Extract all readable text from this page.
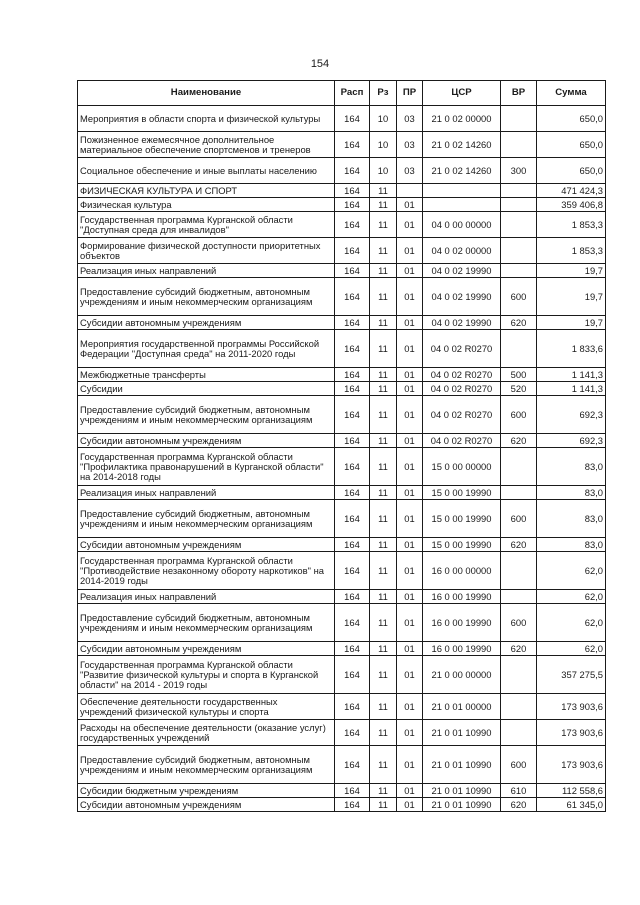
154
Наименование	Расп	Рз	ПР	ЦСР	ВР	Сумма
Мероприятия в области спорта и физической культуры	164	10	03	21 0 02 00000		650,0
Пожизненное ежемесячное дополнительное материальное обеспечение спортсменов и тренеров	164	10	03	21 0 02 14260		650,0
Социальное обеспечение и иные выплаты населению	164	10	03	21 0 02 14260	300	650,0
ФИЗИЧЕСКАЯ КУЛЬТУРА И СПОРТ	164	11				471 424,3
Физическая культура	164	11	01			359 406,8
Государственная программа Курганской области "Доступная среда для инвалидов"	164	11	01	04 0 00 00000		1 853,3
Формирование физической доступности приоритетных объектов	164	11	01	04 0 02 00000		1 853,3
Реализация иных направлений	164	11	01	04 0 02 19990		19,7
Предоставление субсидий бюджетным, автономным учреждениям и иным некоммерческим организациям	164	11	01	04 0 02 19990	600	19,7
Субсидии автономным учреждениям	164	11	01	04 0 02 19990	620	19,7
Мероприятия государственной программы Российской Федерации "Доступная среда" на 2011-2020 годы	164	11	01	04 0 02 R0270		1 833,6
Межбюджетные трансферты	164	11	01	04 0 02 R0270	500	1 141,3
Субсидии	164	11	01	04 0 02 R0270	520	1 141,3
Предоставление субсидий бюджетным, автономным учреждениям и иным некоммерческим организациям	164	11	01	04 0 02 R0270	600	692,3
Субсидии автономным учреждениям	164	11	01	04 0 02 R0270	620	692,3
Государственная программа Курганской области "Профилактика правонарушений в Курганской области" на 2014-2018 годы	164	11	01	15 0 00 00000		83,0
Реализация иных направлений	164	11	01	15 0 00 19990		83,0
Предоставление субсидий бюджетным, автономным учреждениям и иным некоммерческим организациям	164	11	01	15 0 00 19990	600	83,0
Субсидии автономным учреждениям	164	11	01	15 0 00 19990	620	83,0
Государственная программа Курганской области "Противодействие незаконному обороту наркотиков" на 2014-2019 годы	164	11	01	16 0 00 00000		62,0
Реализация иных направлений	164	11	01	16 0 00 19990		62,0
Предоставление субсидий бюджетным, автономным учреждениям и иным некоммерческим организациям	164	11	01	16 0 00 19990	600	62,0
Субсидии автономным учреждениям	164	11	01	16 0 00 19990	620	62,0
Государственная программа Курганской области "Развитие физической культуры и спорта в Курганской области" на 2014 - 2019 годы	164	11	01	21 0 00 00000		357 275,5
Обеспечение деятельности государственных учреждений физической культуры и спорта	164	11	01	21 0 01 00000		173 903,6
Расходы на обеспечение деятельности (оказание услуг) государственных учреждений	164	11	01	21 0 01 10990		173 903,6
Предоставление субсидий бюджетным, автономным учреждениям и иным некоммерческим организациям	164	11	01	21 0 01 10990	600	173 903,6
Субсидии бюджетным учреждениям	164	11	01	21 0 01 10990	610	112 558,6
Субсидии автономным учреждениям	164	11	01	21 0 01 10990	620	61 345,0
